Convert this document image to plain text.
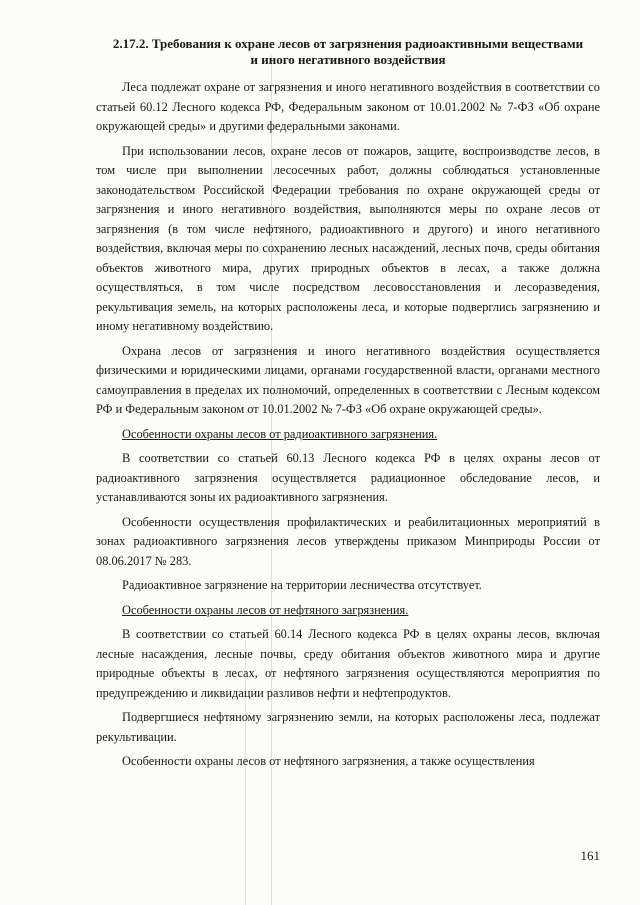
2.17.2. Требования к охране лесов от загрязнения радиоактивными веществами
и иного негативного воздействия

Леса подлежат охране от загрязнения и иного негативного воздействия в соответствии со статьей 60.12 Лесного кодекса РФ, Федеральным законом от 10.01.2002 № 7-ФЗ «Об охране окружающей среды» и другими федеральными законами.

При использовании лесов, охране лесов от пожаров, защите, воспроизводстве лесов, в том числе при выполнении лесосечных работ, должны соблюдаться установленные законодательством Российской Федерации требования по охране окружающей среды от загрязнения и иного негативного воздействия, выполняются меры по охране лесов от загрязнения (в том числе нефтяного, радиоактивного и другого) и иного негативного воздействия, включая меры по сохранению лесных насаждений, лесных почв, среды обитания объектов животного мира, других природных объектов в лесах, а также должна осуществляться, в том числе посредством лесовосстановления и лесоразведения, рекультивация земель, на которых расположены леса, и которые подверглись загрязнению и иному негативному воздействию.

Охрана лесов от загрязнения и иного негативного воздействия осуществляется физическими и юридическими лицами, органами государственной власти, органами местного самоуправления в пределах их полномочий, определенных в соответствии с Лесным кодексом РФ и Федеральным законом от 10.01.2002 № 7-ФЗ «Об охране окружающей среды».

Особенности охраны лесов от радиоактивного загрязнения.

В соответствии со статьей 60.13 Лесного кодекса РФ в целях охраны лесов от радиоактивного загрязнения осуществляется радиационное обследование лесов, и устанавливаются зоны их радиоактивного загрязнения.

Особенности осуществления профилактических и реабилитационных мероприятий в зонах радиоактивного загрязнения лесов утверждены приказом Минприроды России от 08.06.2017 № 283.

Радиоактивное загрязнение на территории лесничества отсутствует.

Особенности охраны лесов от нефтяного загрязнения.

В соответствии со статьей 60.14 Лесного кодекса РФ в целях охраны лесов, включая лесные насаждения, лесные почвы, среду обитания объектов животного мира и другие природные объекты в лесах, от нефтяного загрязнения осуществляются мероприятия по предупреждению и ликвидации разливов нефти и нефтепродуктов.

Подвергшиеся нефтяному загрязнению земли, на которых расположены леса, подлежат рекультивации.

Особенности охраны лесов от нефтяного загрязнения, а также осуществления

161
